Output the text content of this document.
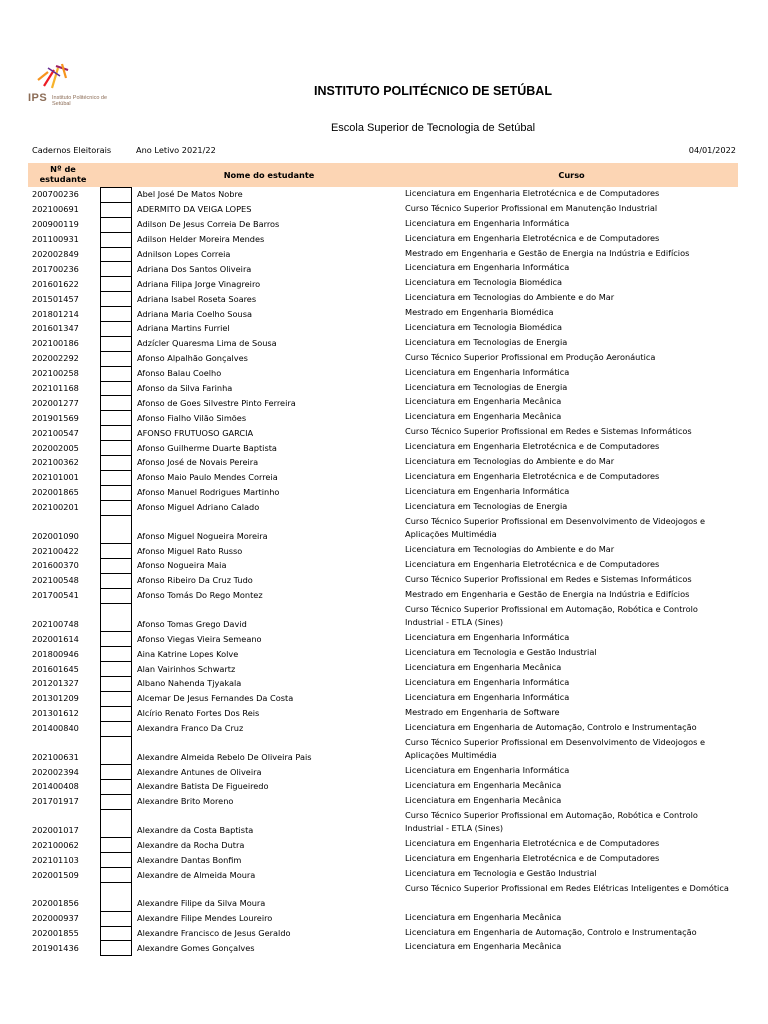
IPS Instituto Politécnico de Setúbal
INSTITUTO POLITÉCNICO DE SETÚBAL
Escola Superior de Tecnologia de Setúbal
Cadernos Eleitorais	Ano Letivo 2021/22	04/01/2022
Nº de estudante	Nome do estudante	Curso
200700236	Abel José De Matos Nobre	Licenciatura em Engenharia Eletrotécnica e de Computadores
202100691	ADERMITO DA VEIGA LOPES	Curso Técnico Superior Profissional em Manutenção Industrial
200900119	Adilson De Jesus Correia De Barros	Licenciatura em Engenharia Informática
201100931	Adilson Helder Moreira Mendes	Licenciatura em Engenharia Eletrotécnica e de Computadores
202002849	Adnilson Lopes Correia	Mestrado em Engenharia e Gestão de Energia na Indústria e Edifícios
201700236	Adriana Dos Santos Oliveira	Licenciatura em Engenharia Informática
201601622	Adriana Filipa Jorge Vinagreiro	Licenciatura em Tecnologia Biomédica
201501457	Adriana Isabel Roseta Soares	Licenciatura em Tecnologias do Ambiente e do Mar
201801214	Adriana Maria Coelho Sousa	Mestrado em Engenharia Biomédica
201601347	Adriana Martins Furriel	Licenciatura em Tecnologia Biomédica
202100186	Adzícler Quaresma Lima de Sousa	Licenciatura em Tecnologias de Energia
202002292	Afonso Alpalhão Gonçalves	Curso Técnico Superior Profissional em Produção Aeronáutica
202100258	Afonso Balau Coelho	Licenciatura em Engenharia Informática
202101168	Afonso da Silva Farinha	Licenciatura em Tecnologias de Energia
202001277	Afonso de Goes Silvestre Pinto Ferreira	Licenciatura em Engenharia Mecânica
201901569	Afonso Fialho Vilão Simões	Licenciatura em Engenharia Mecânica
202100547	AFONSO FRUTUOSO GARCIA	Curso Técnico Superior Profissional em Redes e Sistemas Informáticos
202002005	Afonso Guilherme Duarte Baptista	Licenciatura em Engenharia Eletrotécnica e de Computadores
202100362	Afonso José de Novais Pereira	Licenciatura em Tecnologias do Ambiente e do Mar
202101001	Afonso Maio Paulo Mendes Correia	Licenciatura em Engenharia Eletrotécnica e de Computadores
202001865	Afonso Manuel Rodrigues Martinho	Licenciatura em Engenharia Informática
202100201	Afonso Miguel Adriano Calado	Licenciatura em Tecnologias de Energia
202001090	Afonso Miguel Nogueira Moreira
Curso Técnico Superior Profissional em Desenvolvimento de Videojogos e Aplicações Multimédia
202100422	Afonso Miguel Rato Russo	Licenciatura em Tecnologias do Ambiente e do Mar
201600370	Afonso Nogueira Maia	Licenciatura em Engenharia Eletrotécnica e de Computadores
202100548	Afonso Ribeiro Da Cruz Tudo	Curso Técnico Superior Profissional em Redes e Sistemas Informáticos
201700541	Afonso Tomás Do Rego Montez	Mestrado em Engenharia e Gestão de Energia na Indústria e Edifícios
202100748	Afonso Tomas Grego David
Curso Técnico Superior Profissional em Automação, Robótica e Controlo Industrial - ETLA (Sines)
202001614	Afonso Viegas Vieira Semeano	Licenciatura em Engenharia Informática
201800946	Aina Katrine Lopes Kolve	Licenciatura em Tecnologia e Gestão Industrial
201601645	Alan Vairinhos Schwartz	Licenciatura em Engenharia Mecânica
201201327	Albano Nahenda Tjyakala	Licenciatura em Engenharia Informática
201301209	Alcemar De Jesus Fernandes Da Costa	Licenciatura em Engenharia Informática
201301612	Alcírio Renato Fortes Dos Reis	Mestrado em Engenharia de Software
201400840	Alexandra Franco Da Cruz	Licenciatura em Engenharia de Automação, Controlo e Instrumentação
202100631	Alexandre Almeida Rebelo De Oliveira Pais
Curso Técnico Superior Profissional em Desenvolvimento de Videojogos e Aplicações Multimédia
202002394	Alexandre Antunes de Oliveira	Licenciatura em Engenharia Informática
201400408	Alexandre Batista De Figueiredo	Licenciatura em Engenharia Mecânica
201701917	Alexandre Brito Moreno	Licenciatura em Engenharia Mecânica
202001017	Alexandre da Costa Baptista
Curso Técnico Superior Profissional em Automação, Robótica e Controlo Industrial - ETLA (Sines)
202100062	Alexandre da Rocha Dutra	Licenciatura em Engenharia Eletrotécnica e de Computadores
202101103	Alexandre Dantas Bonfim	Licenciatura em Engenharia Eletrotécnica e de Computadores
202001509	Alexandre de Almeida Moura	Licenciatura em Tecnologia e Gestão Industrial
202001856	Alexandre Filipe da Silva Moura
Curso Técnico Superior Profissional em Redes Elétricas Inteligentes e Domótica
202000937	Alexandre Filipe Mendes Loureiro	Licenciatura em Engenharia Mecânica
202001855	Alexandre Francisco de Jesus Geraldo	Licenciatura em Engenharia de Automação, Controlo e Instrumentação
201901436	Alexandre Gomes Gonçalves	Licenciatura em Engenharia Mecânica
